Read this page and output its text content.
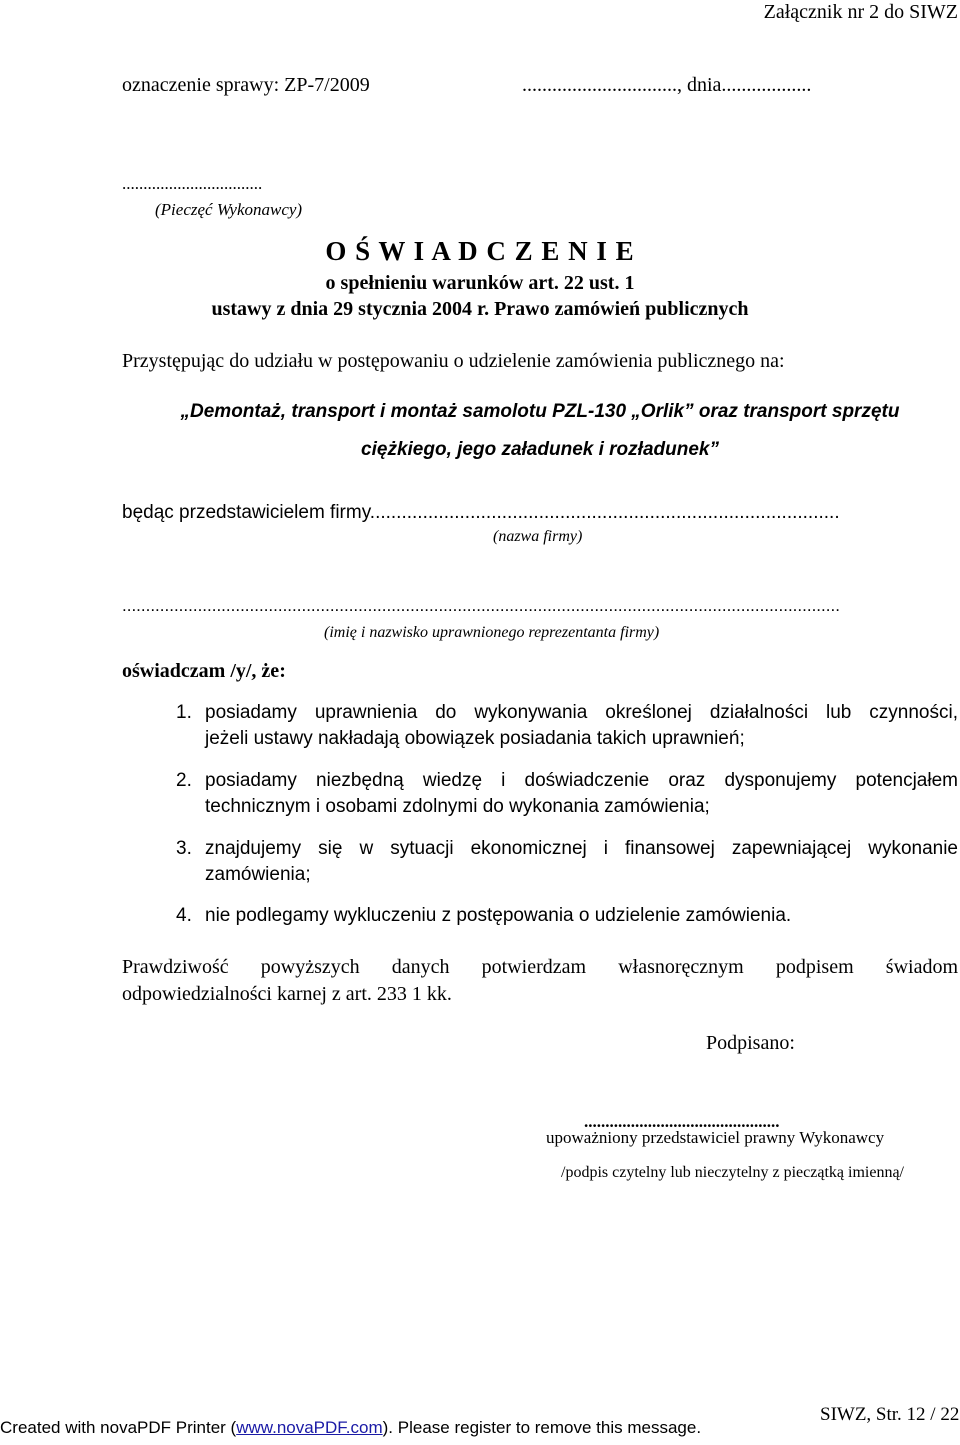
Załącznik nr 2 do SIWZ
oznaczenie sprawy: ZP-7/2009	..............................., dnia..................
.................................
(Pieczęć Wykonawcy)
O Ś W I A D C Z E N I E
o spełnieniu warunków art. 22 ust. 1
ustawy z dnia 29 stycznia 2004 r. Prawo zamówień publicznych
Przystępując do udziału w postępowaniu o udzielenie zamówienia publicznego na:
„Demontaż, transport i montaż samolotu PZL-130 „Orlik” oraz transport sprzętu
ciężkiego, jego załadunek i rozładunek”
będąc przedstawicielem firmy.........................................................................................
(nazwa firmy)
........................................................................................................................................................
(imię i nazwisko uprawnionego reprezentanta firmy)
oświadczam /y/, że:
1. posiadamy uprawnienia do wykonywania określonej działalności lub czynności,
jeżeli ustawy nakładają obowiązek posiadania takich uprawnień;
2. posiadamy niezbędną wiedzę i doświadczenie oraz dysponujemy potencjałem
technicznym i osobami zdolnymi do wykonania zamówienia;
3. znajdujemy się w sytuacji ekonomicznej i finansowej zapewniającej wykonanie
zamówienia;
4. nie podlegamy wykluczeniu z postępowania o udzielenie zamówienia.
Prawdziwość powyższych danych potwierdzam własnoręcznym podpisem świadom
odpowiedzialności karnej z art. 233 1 kk.
Podpisano:
..............................................
upoważniony przedstawiciel prawny Wykonawcy
/podpis czytelny lub nieczytelny z pieczątką imienną/
SIWZ, Str. 12 / 22
Created with novaPDF Printer (www.novaPDF.com). Please register to remove this message.
